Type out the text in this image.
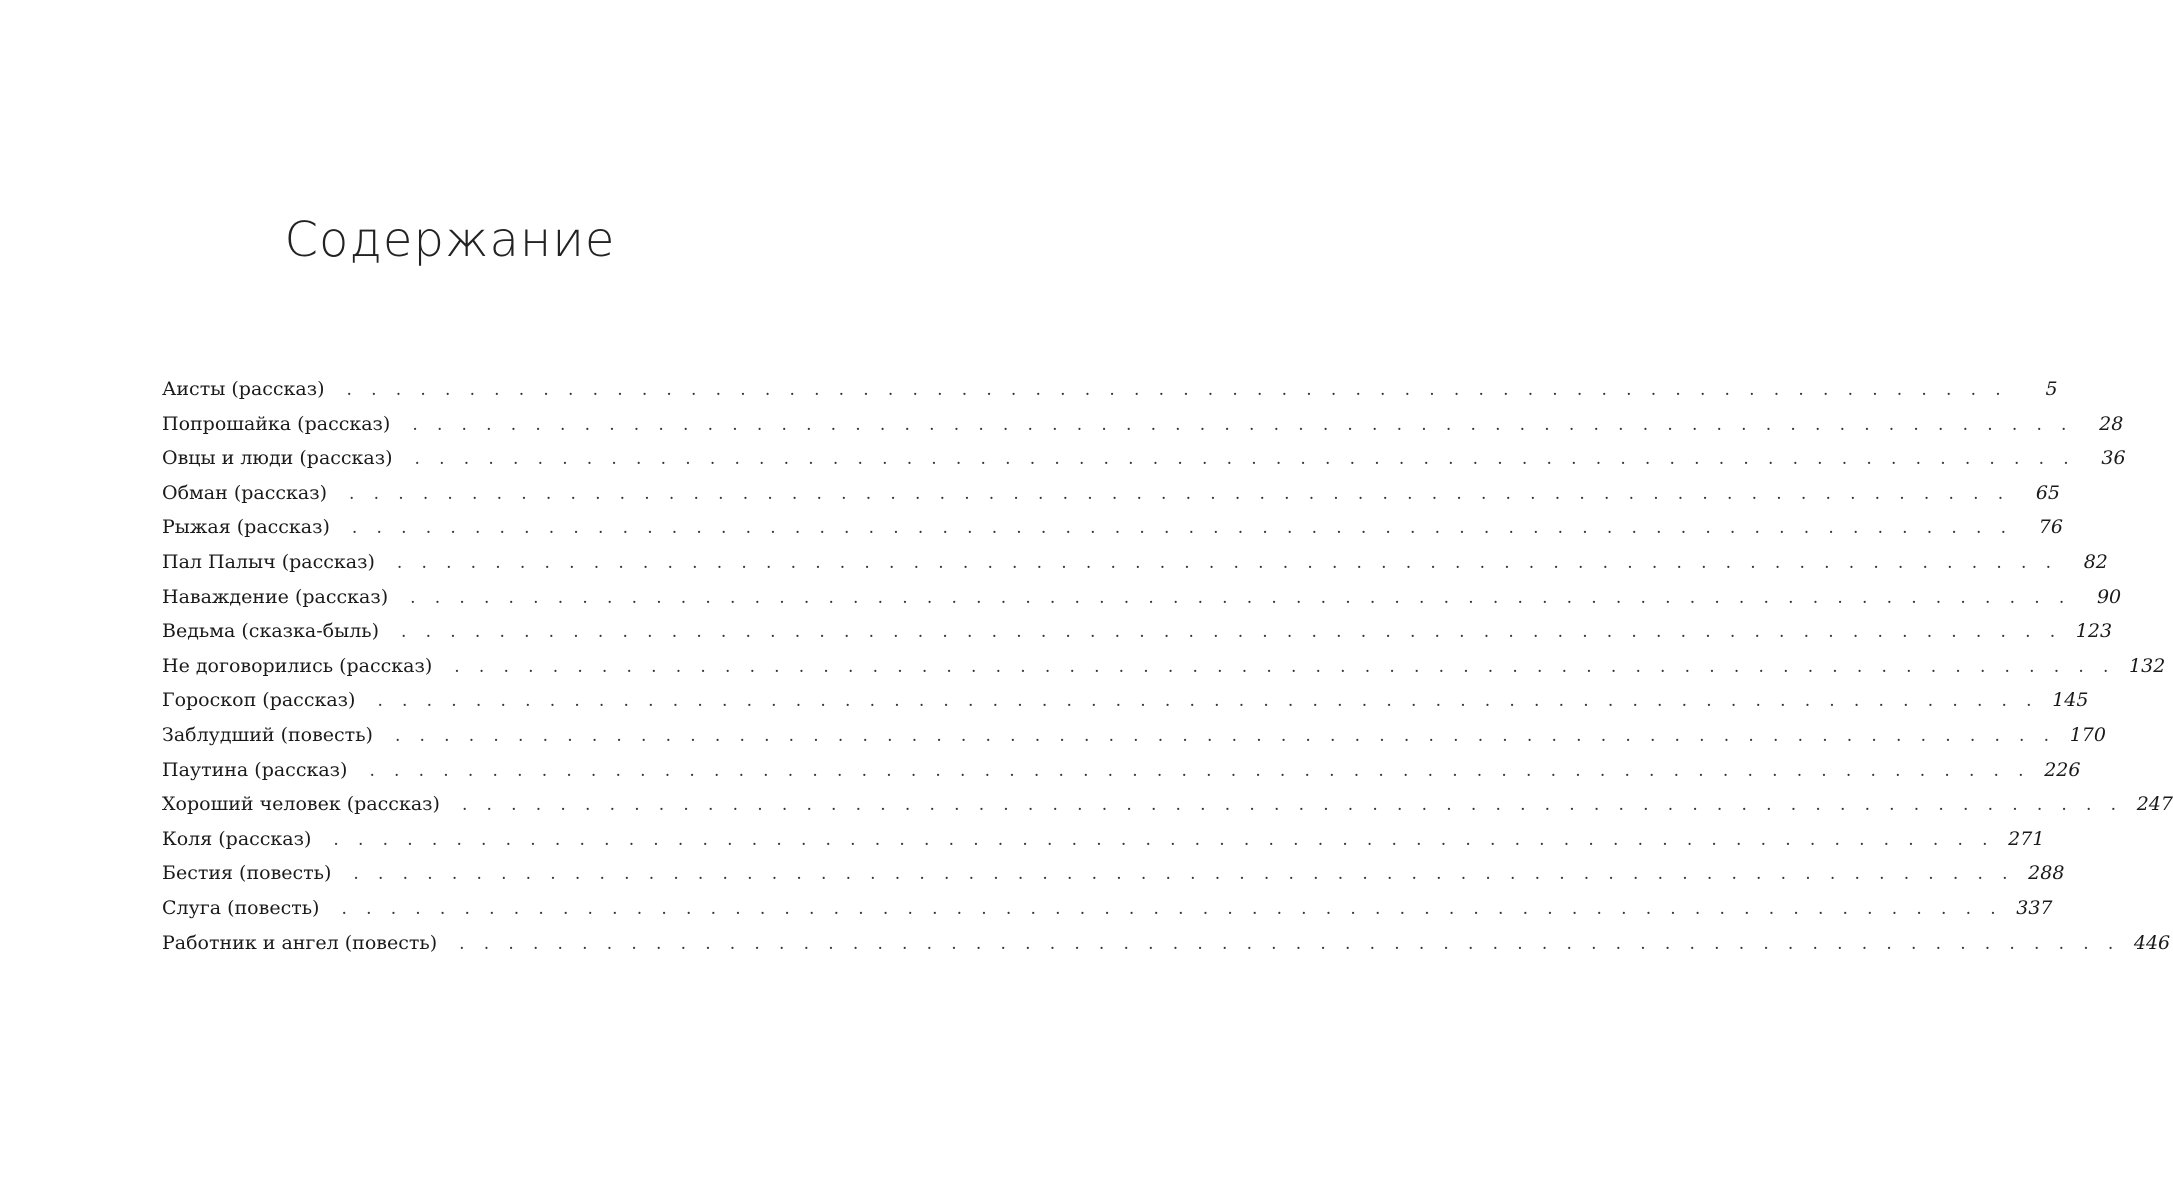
Содержание
Аисты (рассказ) . . . . . . . . . . . . . . . . . . . . . . . . . . . . . . . . . . . . . . . . . . . . . . . . . . . . . . . . . . . . . . . . . . . .	5
Попрошайка (рассказ) . . . . . . . . . . . . . . . . . . . . . . . . . . . . . . . . . . . . . . . . . . . . . . . . . . . . . . . . . . . . . . . . . . . .	28
Овцы и люди (рассказ) . . . . . . . . . . . . . . . . . . . . . . . . . . . . . . . . . . . . . . . . . . . . . . . . . . . . . . . . . . . . . . . . . . . .	36
Обман (рассказ) . . . . . . . . . . . . . . . . . . . . . . . . . . . . . . . . . . . . . . . . . . . . . . . . . . . . . . . . . . . . . . . . . . . .	65
Рыжая (рассказ) . . . . . . . . . . . . . . . . . . . . . . . . . . . . . . . . . . . . . . . . . . . . . . . . . . . . . . . . . . . . . . . . . . . .	76
Пал Палыч (рассказ) . . . . . . . . . . . . . . . . . . . . . . . . . . . . . . . . . . . . . . . . . . . . . . . . . . . . . . . . . . . . . . . . . . . .	82
Наваждение (рассказ) . . . . . . . . . . . . . . . . . . . . . . . . . . . . . . . . . . . . . . . . . . . . . . . . . . . . . . . . . . . . . . . . . . . .	90
Ведьма (сказка-быль) . . . . . . . . . . . . . . . . . . . . . . . . . . . . . . . . . . . . . . . . . . . . . . . . . . . . . . . . . . . . . . . . . . . . 123
Не договорились (рассказ) . . . . . . . . . . . . . . . . . . . . . . . . . . . . . . . . . . . . . . . . . . . . . . . . . . . . . . . . . . . . . . . . . . . . 132
Гороскоп (рассказ) . . . . . . . . . . . . . . . . . . . . . . . . . . . . . . . . . . . . . . . . . . . . . . . . . . . . . . . . . . . . . . . . . . . . 145
Заблудший (повесть) . . . . . . . . . . . . . . . . . . . . . . . . . . . . . . . . . . . . . . . . . . . . . . . . . . . . . . . . . . . . . . . . . . . . 170
Паутина (рассказ) . . . . . . . . . . . . . . . . . . . . . . . . . . . . . . . . . . . . . . . . . . . . . . . . . . . . . . . . . . . . . . . . . . . . 226
Хороший человек (рассказ) . . . . . . . . . . . . . . . . . . . . . . . . . . . . . . . . . . . . . . . . . . . . . . . . . . . . . . . . . . . . . . . . . . . . 247
Коля (рассказ) . . . . . . . . . . . . . . . . . . . . . . . . . . . . . . . . . . . . . . . . . . . . . . . . . . . . . . . . . . . . . . . . . . . . 271
Бестия (повесть) . . . . . . . . . . . . . . . . . . . . . . . . . . . . . . . . . . . . . . . . . . . . . . . . . . . . . . . . . . . . . . . . . . . . 288
Слуга (повесть) . . . . . . . . . . . . . . . . . . . . . . . . . . . . . . . . . . . . . . . . . . . . . . . . . . . . . . . . . . . . . . . . . . . . 337
Работник и ангел (повесть) . . . . . . . . . . . . . . . . . . . . . . . . . . . . . . . . . . . . . . . . . . . . . . . . . . . . . . . . . . . . . . . . . . . . 446
